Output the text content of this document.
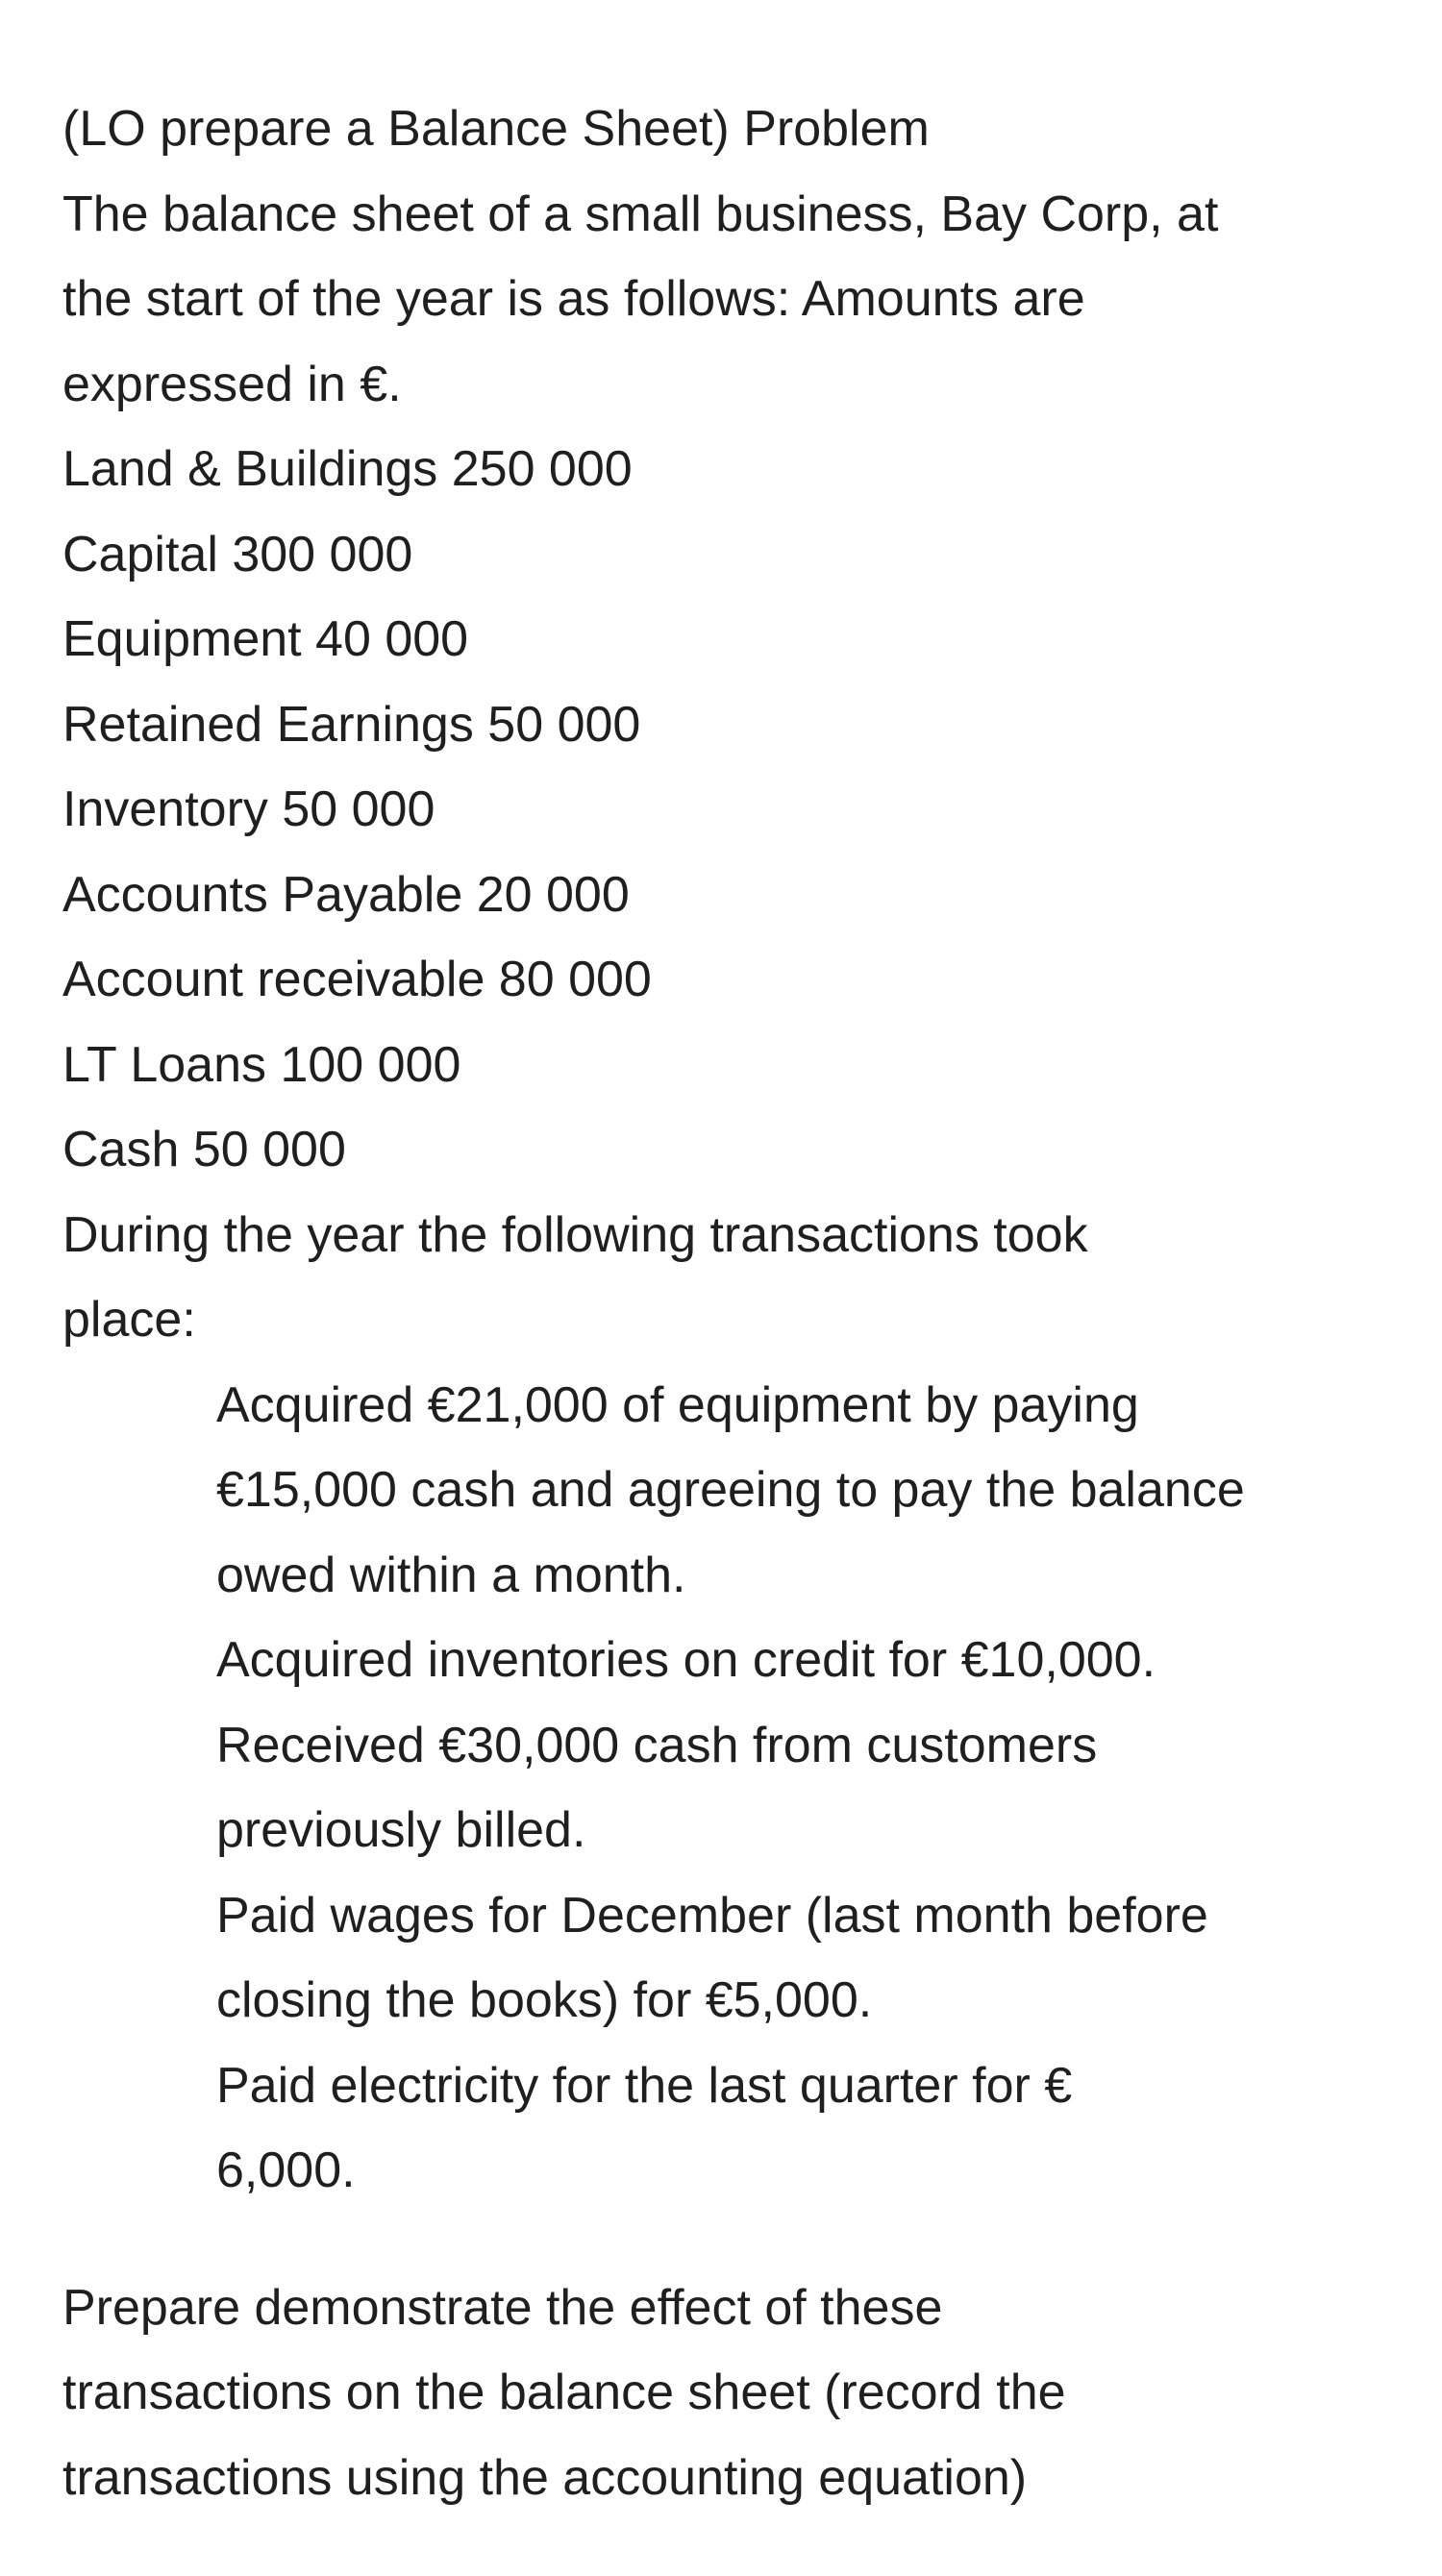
(LO prepare a Balance Sheet) Problem

The balance sheet of a small business, Bay Corp, at

the start of the year is as follows: Amounts are

expressed in €.

Land & Buildings 250 000

Capital 300 000

Equipment 40 000

Retained Earnings 50 000

Inventory 50 000

Accounts Payable 20 000

Account receivable 80 000

LT Loans 100 000

Cash 50 000

During the year the following transactions took

place:

Acquired €21,000 of equipment by paying

€15,000 cash and agreeing to pay the balance

owed within a month.

Acquired inventories on credit for €10,000.

Received €30,000 cash from customers

previously billed.

Paid wages for December (last month before

closing the books) for €5,000.

Paid electricity for the last quarter for €

6,000.

Prepare demonstrate the effect of these

transactions on the balance sheet (record the

transactions using the accounting equation)
